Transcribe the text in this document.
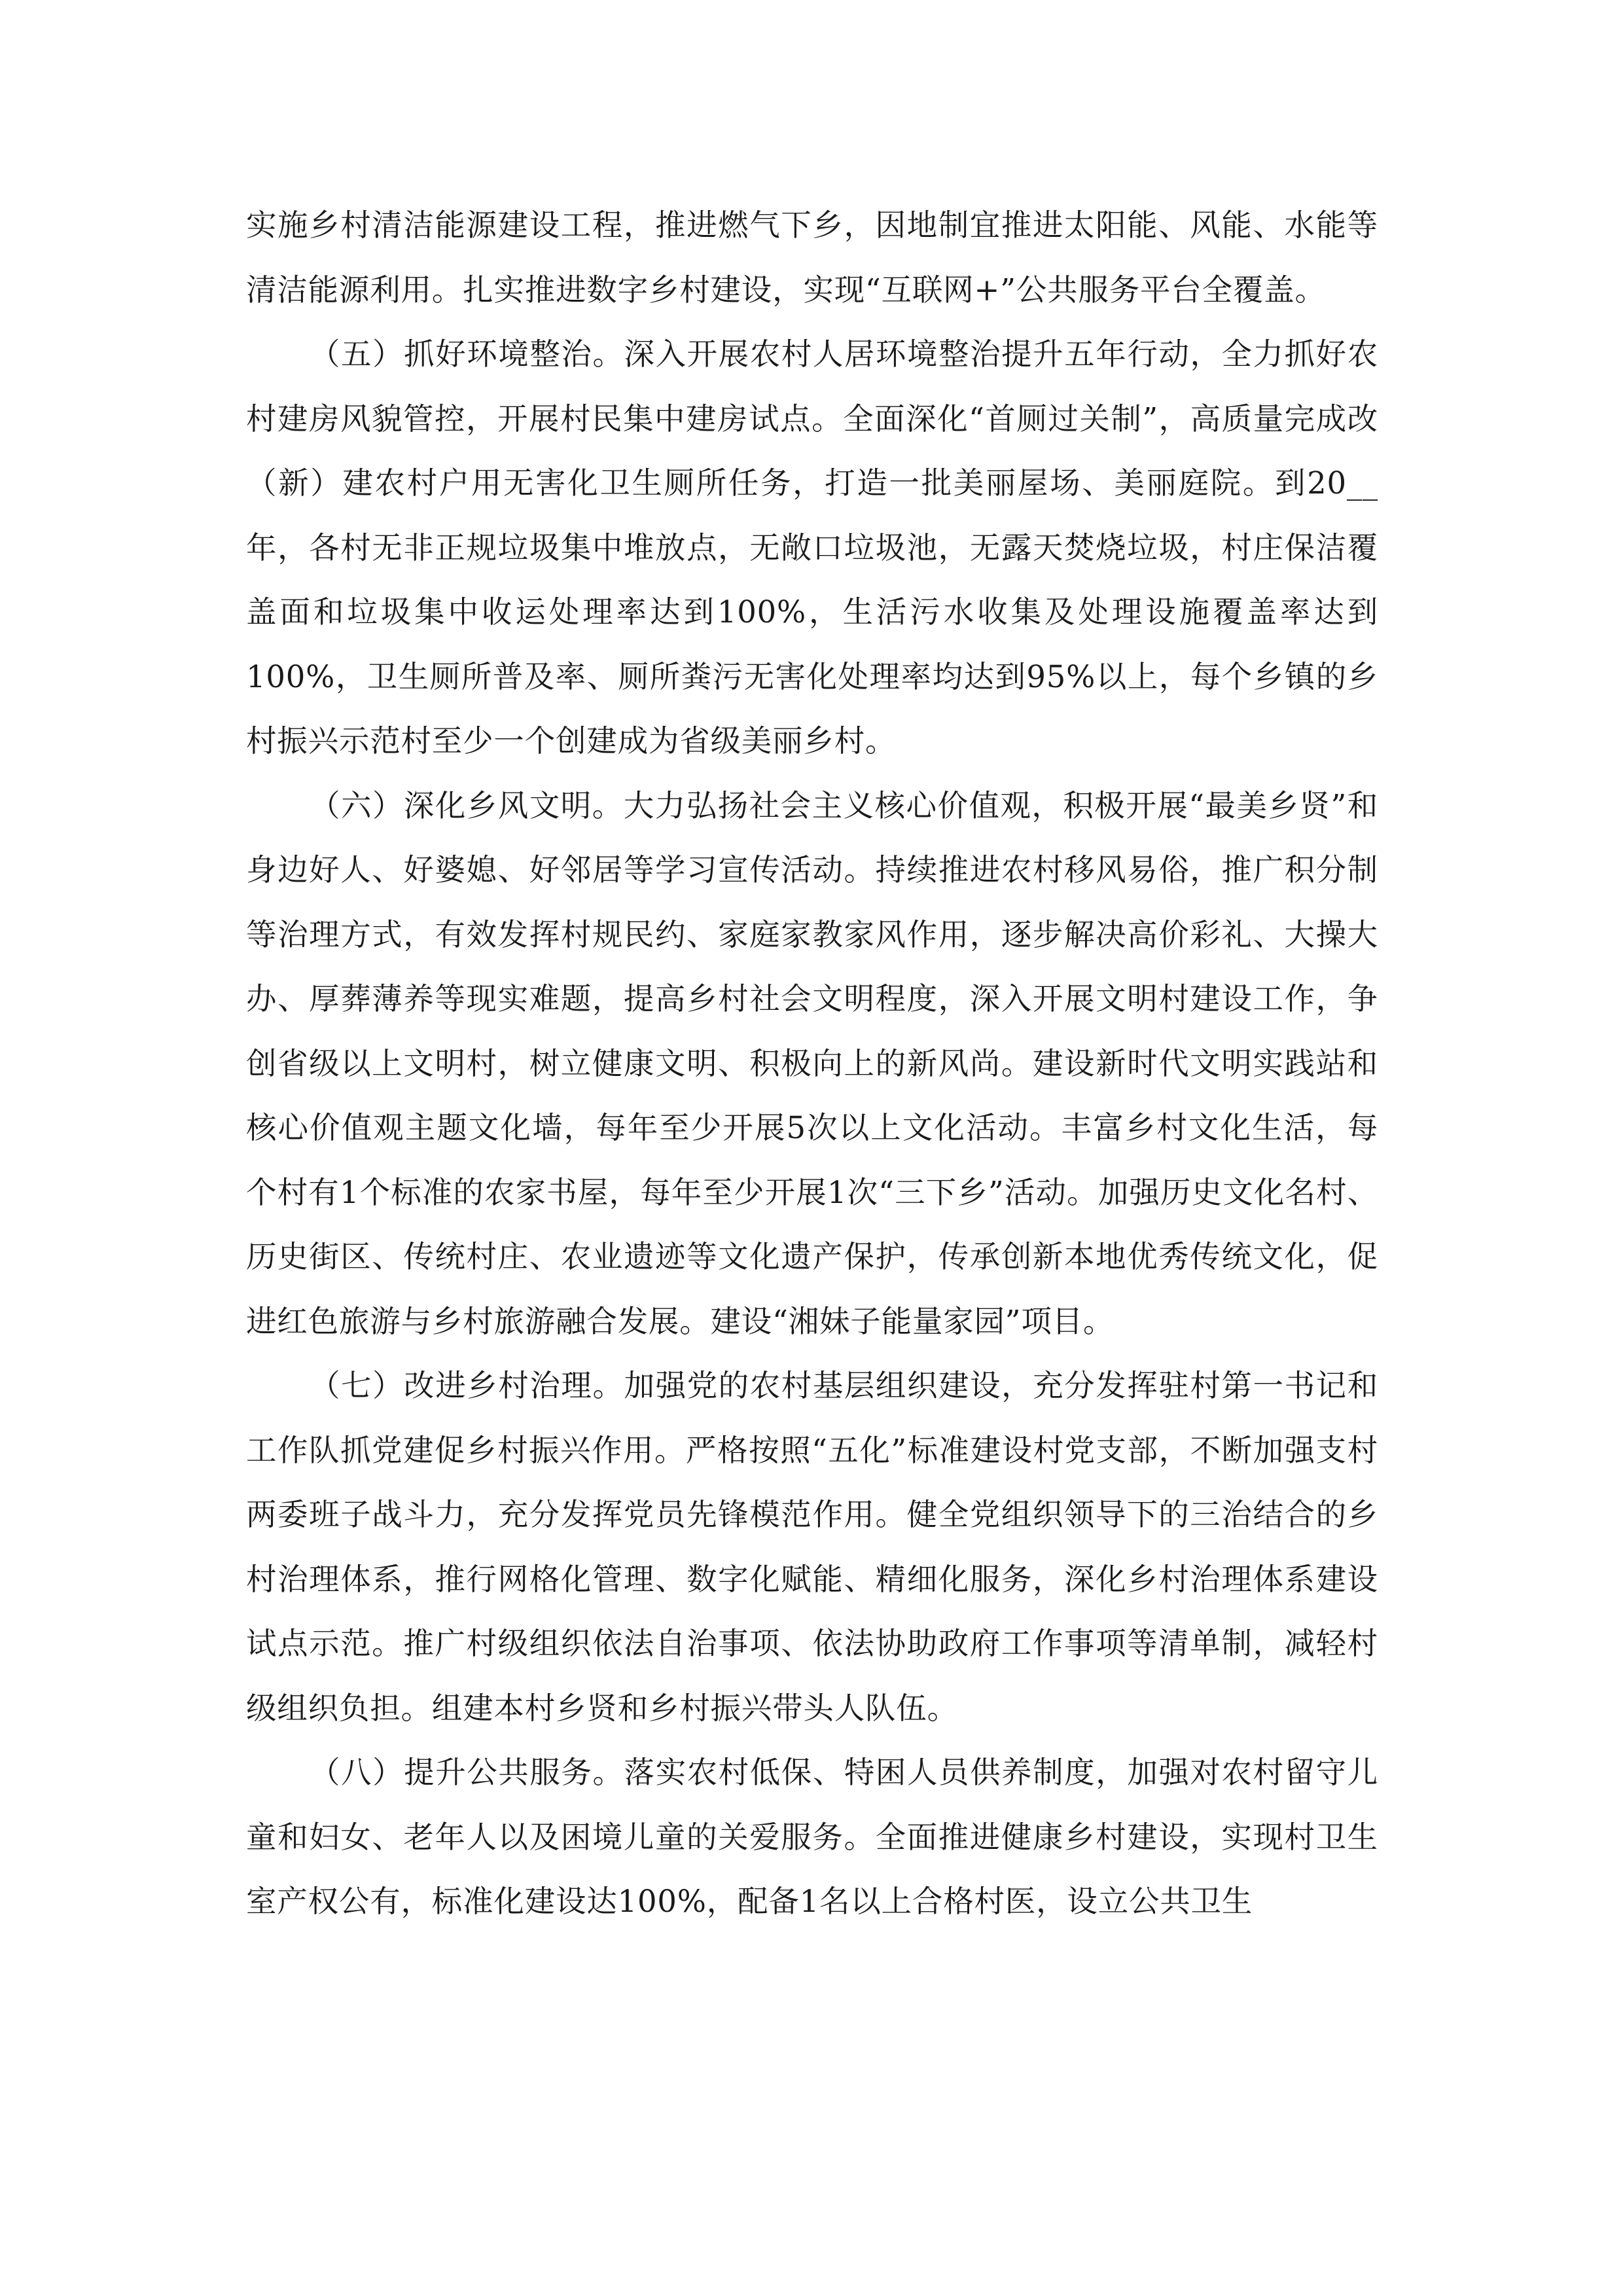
实施乡村清洁能源建设工程，推进燃气下乡，因地制宜推进太阳能、风能、水能等清洁能源利用。扎实推进数字乡村建设，实现“互联网+”公共服务平台全覆盖。

（五）抓好环境整治。深入开展农村人居环境整治提升五年行动，全力抓好农村建房风貌管控，开展村民集中建房试点。全面深化“首厕过关制”，高质量完成改（新）建农村户用无害化卫生厕所任务，打造一批美丽屋场、美丽庭院。到20__年，各村无非正规垃圾集中堆放点，无敞口垃圾池，无露天焚烧垃圾，村庄保洁覆盖面和垃圾集中收运处理率达到100%，生活污水收集及处理设施覆盖率达到100%，卫生厕所普及率、厕所粪污无害化处理率均达到95%以上，每个乡镇的乡村振兴示范村至少一个创建成为省级美丽乡村。

（六）深化乡风文明。大力弘扬社会主义核心价值观，积极开展“最美乡贤”和身边好人、好婆媳、好邻居等学习宣传活动。持续推进农村移风易俗，推广积分制等治理方式，有效发挥村规民约、家庭家教家风作用，逐步解决高价彩礼、大操大办、厚葬薄养等现实难题，提高乡村社会文明程度，深入开展文明村建设工作，争创省级以上文明村，树立健康文明、积极向上的新风尚。建设新时代文明实践站和核心价值观主题文化墙，每年至少开展5次以上文化活动。丰富乡村文化生活，每个村有1个标准的农家书屋，每年至少开展1次“三下乡”活动。加强历史文化名村、历史街区、传统村庄、农业遗迹等文化遗产保护，传承创新本地优秀传统文化，促进红色旅游与乡村旅游融合发展。建设“湘妹子能量家园”项目。

（七）改进乡村治理。加强党的农村基层组织建设，充分发挥驻村第一书记和工作队抓党建促乡村振兴作用。严格按照“五化”标准建设村党支部，不断加强支村两委班子战斗力，充分发挥党员先锋模范作用。健全党组织领导下的三治结合的乡村治理体系，推行网格化管理、数字化赋能、精细化服务，深化乡村治理体系建设试点示范。推广村级组织依法自治事项、依法协助政府工作事项等清单制，减轻村级组织负担。组建本村乡贤和乡村振兴带头人队伍。

（八）提升公共服务。落实农村低保、特困人员供养制度，加强对农村留守儿童和妇女、老年人以及困境儿童的关爱服务。全面推进健康乡村建设，实现村卫生室产权公有，标准化建设达100%，配备1名以上合格村医，设立公共卫生
